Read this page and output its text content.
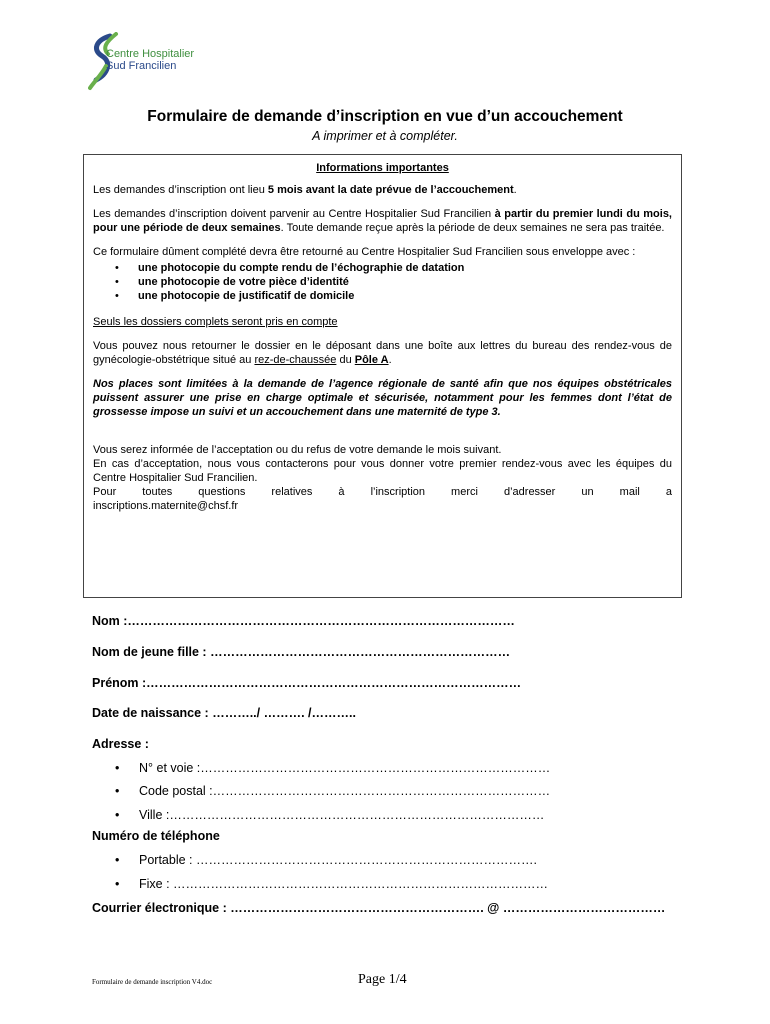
Centre Hospitalier
Sud Francilien
Formulaire de demande d’inscription en vue d’un accouchement
A imprimer et à compléter.
Informations importantes

Les demandes d’inscription ont lieu 5 mois avant la date prévue de l’accouchement.

Les demandes d’inscription doivent parvenir au Centre Hospitalier Sud Francilien à partir du premier lundi du mois, pour une période de deux semaines. Toute demande reçue après la période de deux semaines ne sera pas traitée.

Ce formulaire dûment complété devra être retourné au Centre Hospitalier Sud Francilien sous enveloppe avec :

• une photocopie du compte rendu de l’échographie de datation
• une photocopie de votre pièce d’identité
• une photocopie de justificatif de domicile

Seuls les dossiers complets seront pris en compte

Vous pouvez nous retourner le dossier en le déposant dans une boîte aux lettres du bureau des rendez-vous de gynécologie-obstétrique situé au rez-de-chaussée du Pôle A.

Nos places sont limitées à la demande de l’agence régionale de santé afin que nos équipes obstétricales puissent assurer une prise en charge optimale et sécurisée, notamment pour les femmes dont l’état de grossesse impose un suivi et un accouchement dans une maternité de type 3.

Vous serez informée de l’acceptation ou du refus de votre demande le mois suivant.
En cas d’acceptation, nous vous contacterons pour vous donner votre premier rendez-vous avec les équipes du Centre Hospitalier Sud Francilien.
Pour toutes questions relatives à l’inscription merci d’adresser un mail a
inscriptions.maternite@chsf.fr
Nom :…………………………………………………………………………………
Nom de jeune fille : ………………………………………………………………
Prénom :………………………………………………………………………………
Date de naissance : ………../ ………. /………..
Adresse :
• N° et voie :…………………………………………………………………………
• Code postal :………………………………………………………………………
• Ville :………………………………………………………………………………
Numéro de téléphone
• Portable : ……………………………………………………………………….
• Fixe : ………………………………………………………………………………
Courrier électronique : ……………………………………………………. @ …………………………………
Formulaire de demande inscription V4.doc	Page 1/4
